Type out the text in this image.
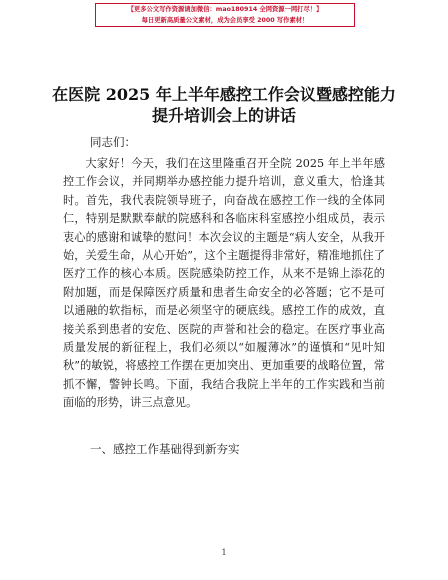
【更多公文写作资源请加微信：mao180914 全网资源一网打尽！】
每日更新高质量公文素材，成为会员享受 2000 写作素材！
在医院 2025 年上半年感控工作会议暨感控能力
提升培训会上的讲话
同志们：

大家好！今天，我们在这里隆重召开全院 2025 年上半年感控工作会议，并同期举办感控能力提升培训，意义重大，恰逢其时。首先，我代表院领导班子，向奋战在感控工作一线的全体同仁，特别是默默奉献的院感科和各临床科室感控小组成员，表示衷心的感谢和诚挚的慰问！本次会议的主题是“病人安全，从我开始，关爱生命，从心开始”，这个主题提得非常好，精准地抓住了医疗工作的核心本质。医院感染防控工作，从来不是锦上添花的附加题，而是保障医疗质量和患者生命安全的必答题；它不是可以通融的软指标，而是必须坚守的硬底线。感控工作的成效，直接关系到患者的安危、医院的声誉和社会的稳定。在医疗事业高质量发展的新征程上，我们必须以“如履薄冰”的谨慎和“见叶知秋”的敏锐，将感控工作摆在更加突出、更加重要的战略位置，常抓不懈，警钟长鸣。下面，我结合我院上半年的工作实践和当前面临的形势，讲三点意见。

一、感控工作基础得到新夯实
1
